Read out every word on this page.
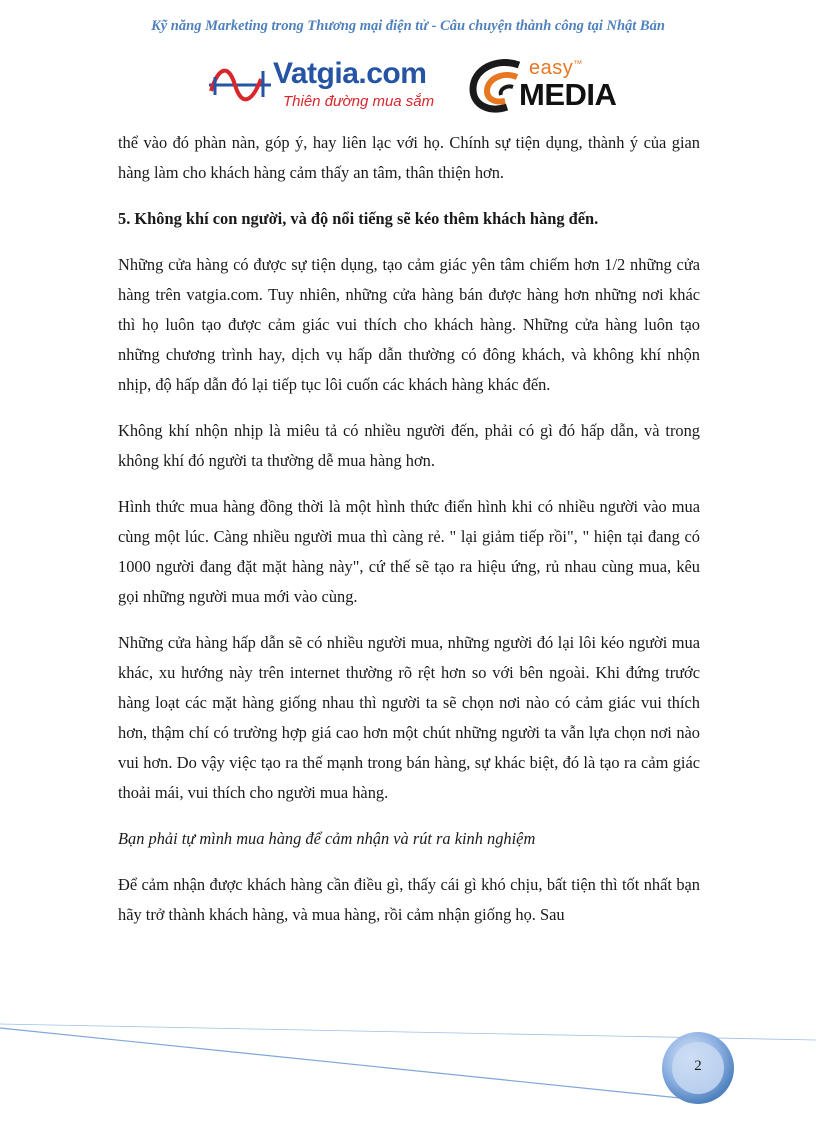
Kỹ năng Marketing trong Thương mại điện tử - Câu chuyện thành công tại Nhật Bản
Vatgia.com
Thiên đường mua sắm
easy™
MEDIA

thể vào đó phàn nàn, góp ý, hay liên lạc với họ. Chính sự tiện dụng, thành ý của gian hàng làm cho khách hàng cảm thấy an tâm, thân thiện hơn.

5. Không khí con người, và độ nổi tiếng sẽ kéo thêm khách hàng đến.

Những cửa hàng có được sự tiện dụng, tạo cảm giác yên tâm chiếm hơn 1/2 những cửa hàng trên vatgia.com. Tuy nhiên, những cửa hàng bán được hàng hơn những nơi khác thì họ luôn tạo được cảm giác vui thích cho khách hàng. Những cửa hàng luôn tạo những chương trình hay, dịch vụ hấp dẫn thường có đông khách, và không khí nhộn nhịp, độ hấp dẫn đó lại tiếp tục lôi cuốn các khách hàng khác đến.

Không khí nhộn nhịp là miêu tả có nhiều người đến, phải có gì đó hấp dẫn, và trong không khí đó người ta thường dễ mua hàng hơn.

Hình thức mua hàng đồng thời là một hình thức điển hình khi có nhiều người vào mua cùng một lúc. Càng nhiều người mua thì càng rẻ. " lại giảm tiếp rồi", " hiện tại đang có 1000 người đang đặt mặt hàng này", cứ thế sẽ tạo ra hiệu ứng, rủ nhau cùng mua, kêu gọi những người mua mới vào cùng.

Những cửa hàng hấp dẫn sẽ có nhiều người mua, những người đó lại lôi kéo người mua khác, xu hướng này trên internet thường rõ rệt hơn so với bên ngoài. Khi đứng trước hàng loạt các mặt hàng giống nhau thì người ta sẽ chọn nơi nào có cảm giác vui thích hơn, thậm chí có trường hợp giá cao hơn một chút những người ta vẫn lựa chọn nơi nào vui hơn. Do vậy việc tạo ra thế mạnh trong bán hàng, sự khác biệt, đó là tạo ra cảm giác thoải mái, vui thích cho người mua hàng.

Bạn phải tự mình mua hàng để cảm nhận và rút ra kinh nghiệm

Để cảm nhận được khách hàng cần điều gì, thấy cái gì khó chịu, bất tiện thì tốt nhất bạn hãy trở thành khách hàng, và mua hàng, rồi cảm nhận giống họ. Sau

2
